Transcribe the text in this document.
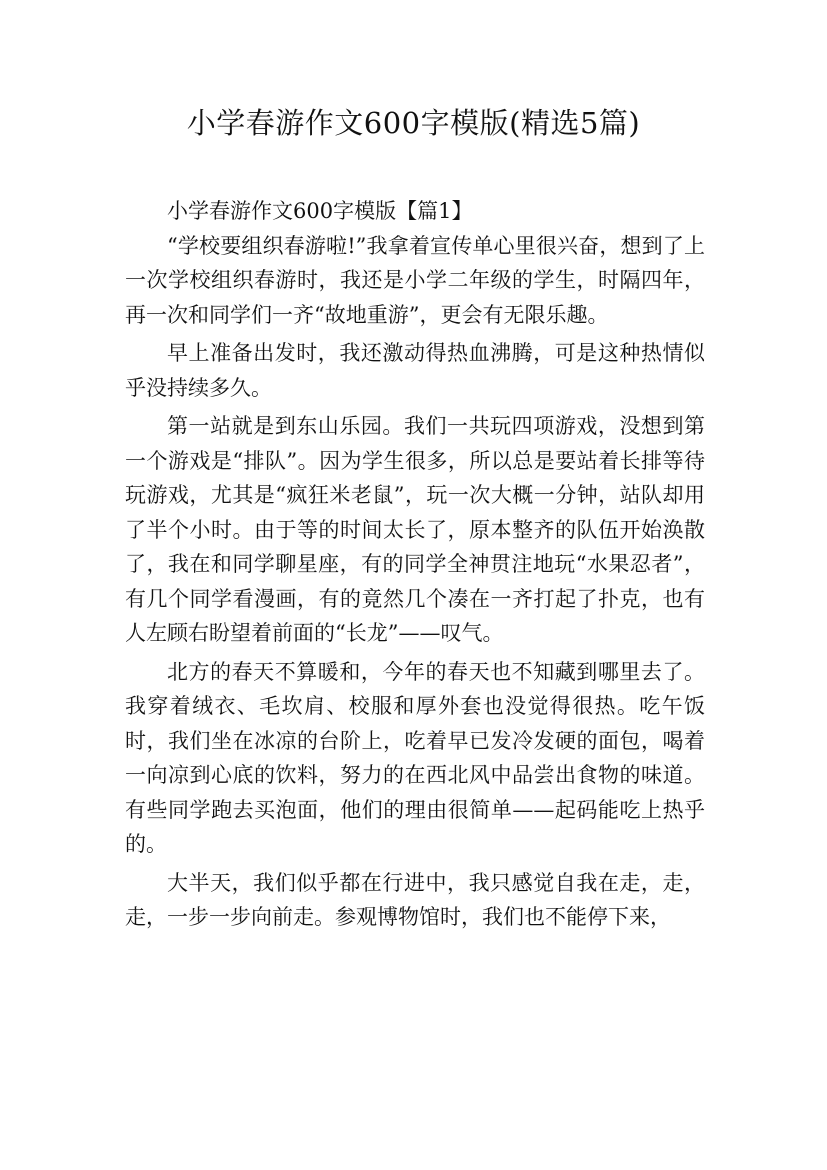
小学春游作文600字模版(精选5篇)

小学春游作文600字模版【篇1】

“学校要组织春游啦!”我拿着宣传单心里很兴奋，想到了上一次学校组织春游时，我还是小学二年级的学生，时隔四年，再一次和同学们一齐“故地重游”，更会有无限乐趣。

早上准备出发时，我还激动得热血沸腾，可是这种热情似乎没持续多久。

第一站就是到东山乐园。我们一共玩四项游戏，没想到第一个游戏是“排队”。因为学生很多，所以总是要站着长排等待玩游戏，尤其是“疯狂米老鼠”，玩一次大概一分钟，站队却用了半个小时。由于等的时间太长了，原本整齐的队伍开始涣散了，我在和同学聊星座，有的同学全神贯注地玩“水果忍者”，有几个同学看漫画，有的竟然几个凑在一齐打起了扑克，也有人左顾右盼望着前面的“长龙”——叹气。

北方的春天不算暖和，今年的春天也不知藏到哪里去了。我穿着绒衣、毛坎肩、校服和厚外套也没觉得很热。吃午饭时，我们坐在冰凉的台阶上，吃着早已发冷发硬的面包，喝着一向凉到心底的饮料，努力的在西北风中品尝出食物的味道。有些同学跑去买泡面，他们的理由很简单——起码能吃上热乎的。

大半天，我们似乎都在行进中，我只感觉自我在走，走，走，一步一步向前走。参观博物馆时，我们也不能停下来，
